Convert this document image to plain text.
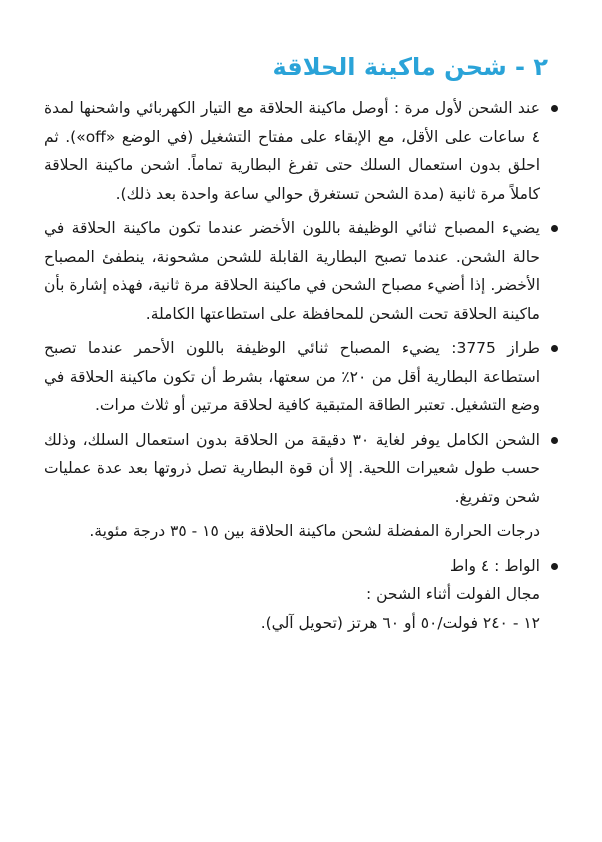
٢ - شحن ماكينة الحلاقة
عند الشحن لأول مرة : أوصل ماكينة الحلاقة مع التيار الكهربائي واشحنها لمدة ٤ ساعات على الأقل، مع الإبقاء على مفتاح التشغيل (في الوضع «off»). ثم احلق بدون استعمال السلك حتى تفرغ البطارية تماماً. اشحن ماكينة الحلاقة كاملاً مرة ثانية (مدة الشحن تستغرق حوالي ساعة واحدة بعد ذلك).
يضيء المصباح ثنائي الوظيفة باللون الأخضر عندما تكون ماكينة الحلاقة في حالة الشحن. عندما تصبح البطارية القابلة للشحن مشحونة، ينطفئ المصباح الأخضر. إذا أضيء مصباح الشحن في ماكينة الحلاقة مرة ثانية، فهذه إشارة بأن ماكينة الحلاقة تحت الشحن للمحافظة على استطاعتها الكاملة.
طراز 3775: يضيء المصباح ثنائي الوظيفة باللون الأحمر عندما تصبح استطاعة البطارية أقل من ٢٠٪ من سعتها، بشرط أن تكون ماكينة الحلاقة في وضع التشغيل. تعتبر الطاقة المتبقية كافية لحلاقة مرتين أو ثلاث مرات.
الشحن الكامل يوفر لغاية ٣٠ دقيقة من الحلاقة بدون استعمال السلك، وذلك حسب طول شعيرات اللحية. إلا أن قوة البطارية تصل ذروتها بعد عدة عمليات شحن وتفريغ.
درجات الحرارة المفضلة لشحن ماكينة الحلاقة بين ١٥ - ٣٥ درجة مئوية.
الواط : ٤ واط
مجال الفولت أثناء الشحن :
١٢ - ٢٤٠ فولت/٥٠ أو ٦٠ هرتز (تحويل آلي).
